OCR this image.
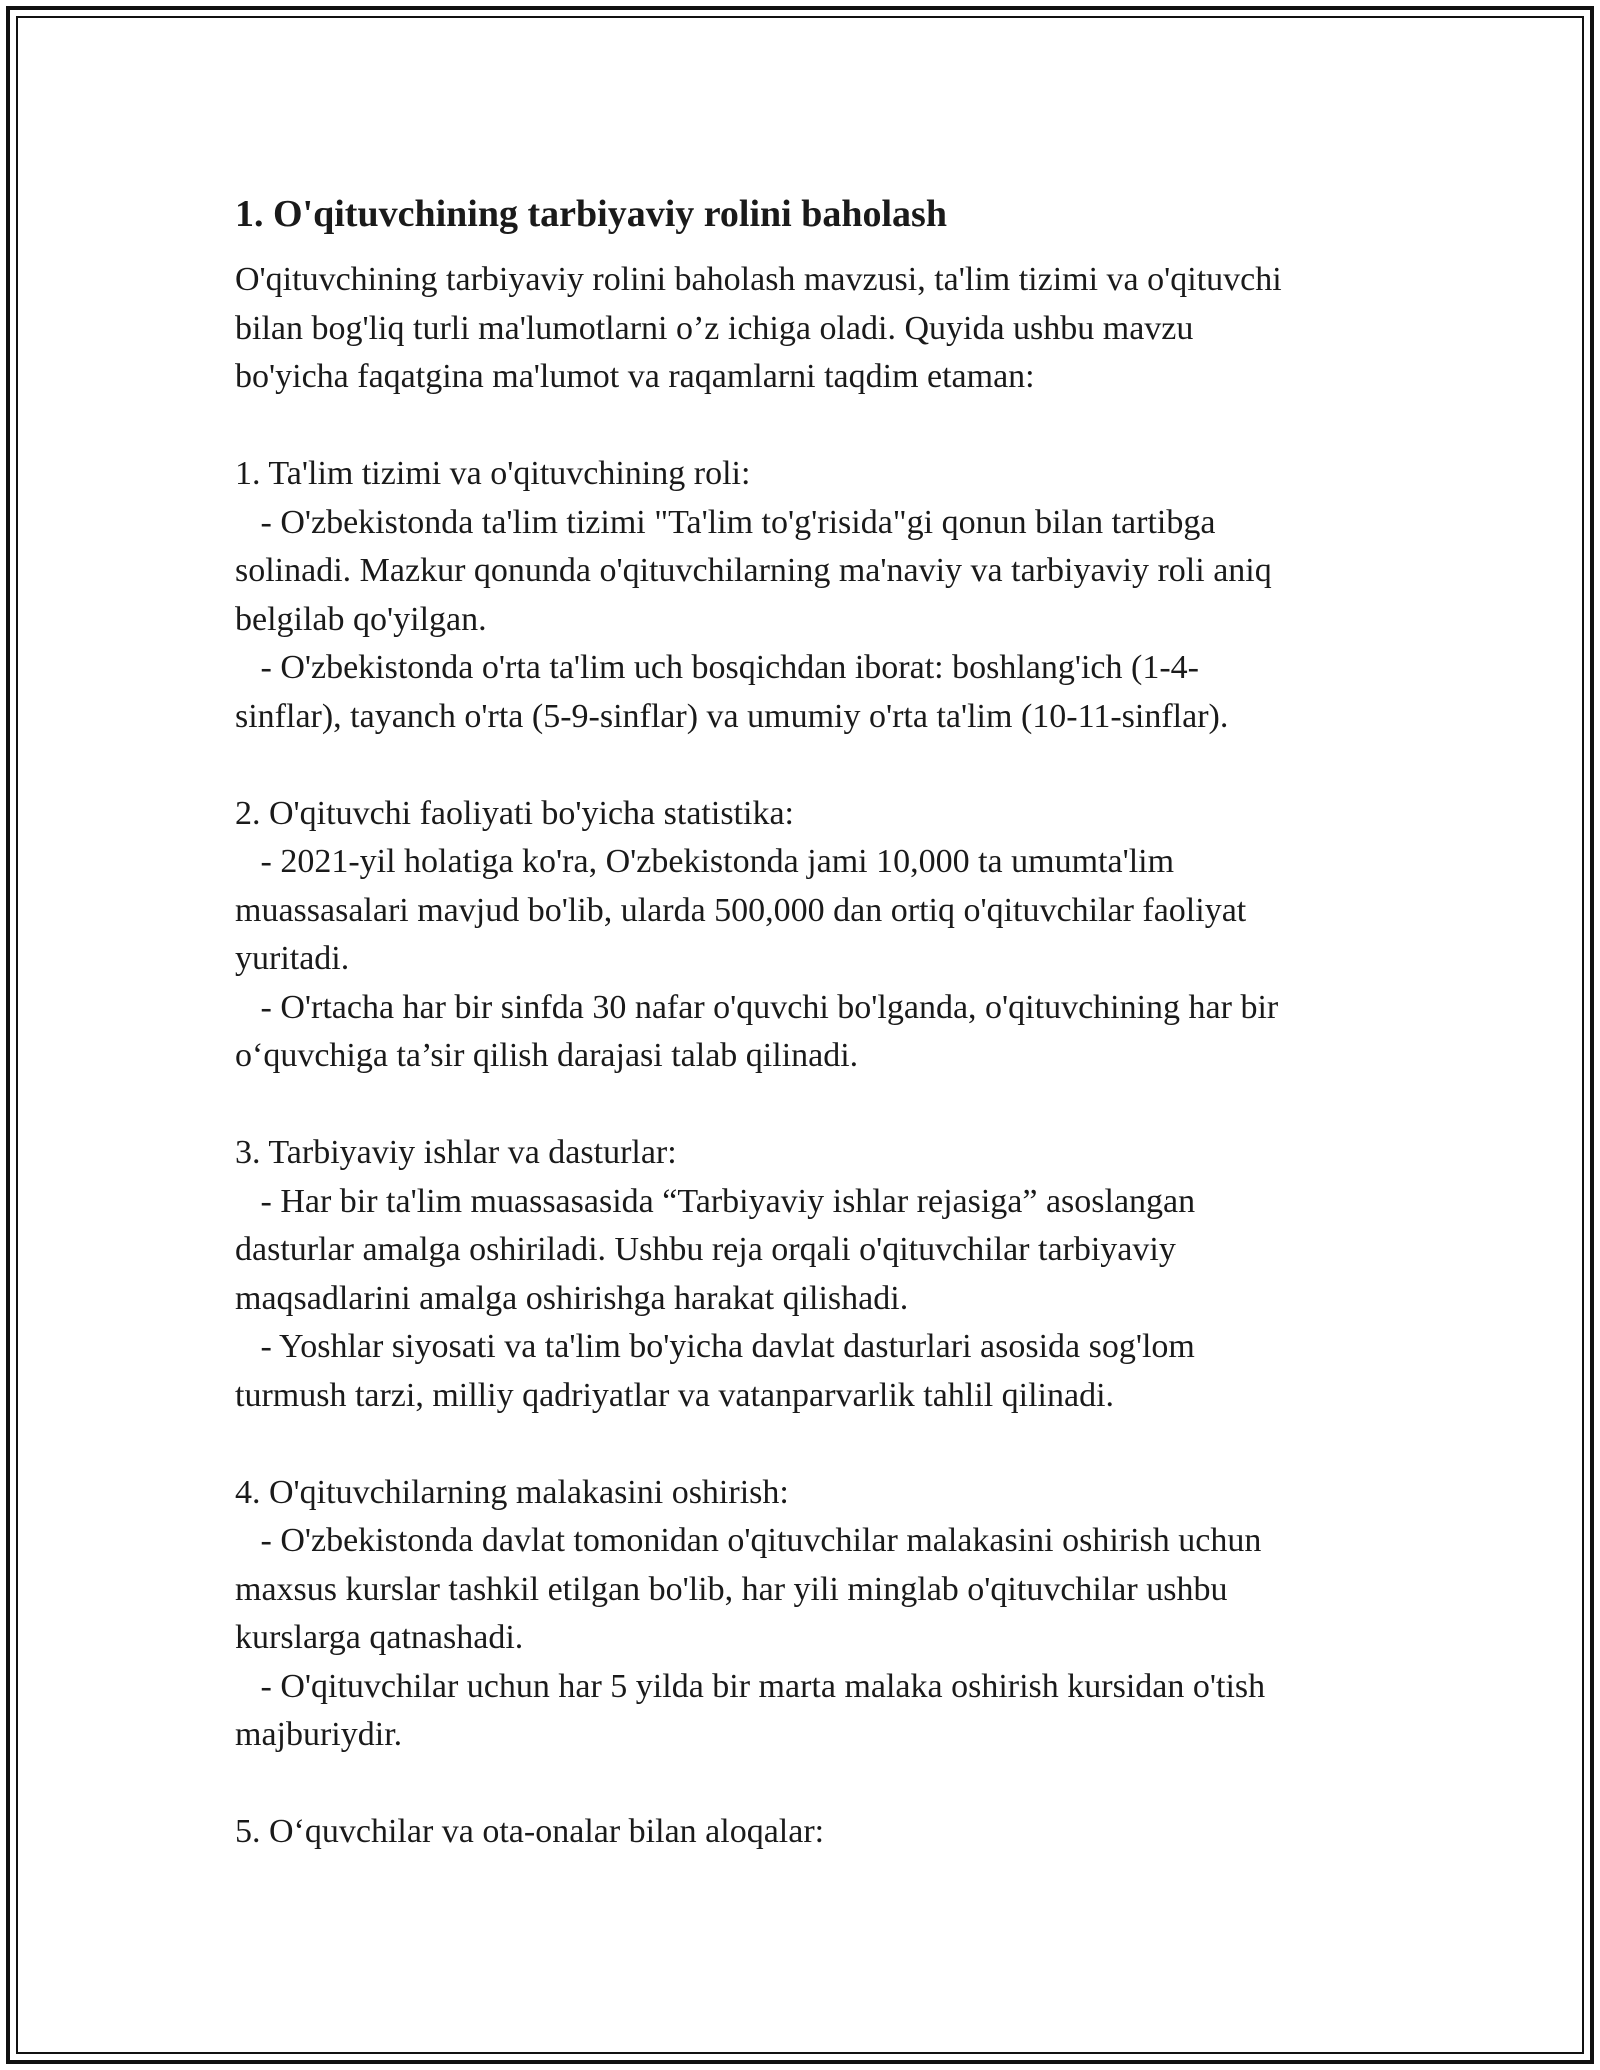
1. O'qituvchining tarbiyaviy rolini baholash

O'qituvchining tarbiyaviy rolini baholash mavzusi, ta'lim tizimi va o'qituvchi
bilan bog'liq turli ma'lumotlarni o’z ichiga oladi. Quyida ushbu mavzu
bo'yicha faqatgina ma'lumot va raqamlarni taqdim etaman:

1. Ta'lim tizimi va o'qituvchining roli:
- O'zbekistonda ta'lim tizimi "Ta'lim to'g'risida"gi qonun bilan tartibga
solinadi. Mazkur qonunda o'qituvchilarning ma'naviy va tarbiyaviy roli aniq
belgilab qo'yilgan.
- O'zbekistonda o'rta ta'lim uch bosqichdan iborat: boshlang'ich (1-4-
sinflar), tayanch o'rta (5-9-sinflar) va umumiy o'rta ta'lim (10-11-sinflar).

2. O'qituvchi faoliyati bo'yicha statistika:
- 2021-yil holatiga ko'ra, O'zbekistonda jami 10,000 ta umumta'lim
muassasalari mavjud bo'lib, ularda 500,000 dan ortiq o'qituvchilar faoliyat
yuritadi.
- O'rtacha har bir sinfda 30 nafar o'quvchi bo'lganda, o'qituvchining har bir
o‘quvchiga ta’sir qilish darajasi talab qilinadi.

3. Tarbiyaviy ishlar va dasturlar:
- Har bir ta'lim muassasasida “Tarbiyaviy ishlar rejasiga” asoslangan
dasturlar amalga oshiriladi. Ushbu reja orqali o'qituvchilar tarbiyaviy
maqsadlarini amalga oshirishga harakat qilishadi.
- Yoshlar siyosati va ta'lim bo'yicha davlat dasturlari asosida sog'lom
turmush tarzi, milliy qadriyatlar va vatanparvarlik tahlil qilinadi.

4. O'qituvchilarning malakasini oshirish:
- O'zbekistonda davlat tomonidan o'qituvchilar malakasini oshirish uchun
maxsus kurslar tashkil etilgan bo'lib, har yili minglab o'qituvchilar ushbu
kurslarga qatnashadi.
- O'qituvchilar uchun har 5 yilda bir marta malaka oshirish kursidan o'tish
majburiydir.

5. O‘quvchilar va ota-onalar bilan aloqalar:
